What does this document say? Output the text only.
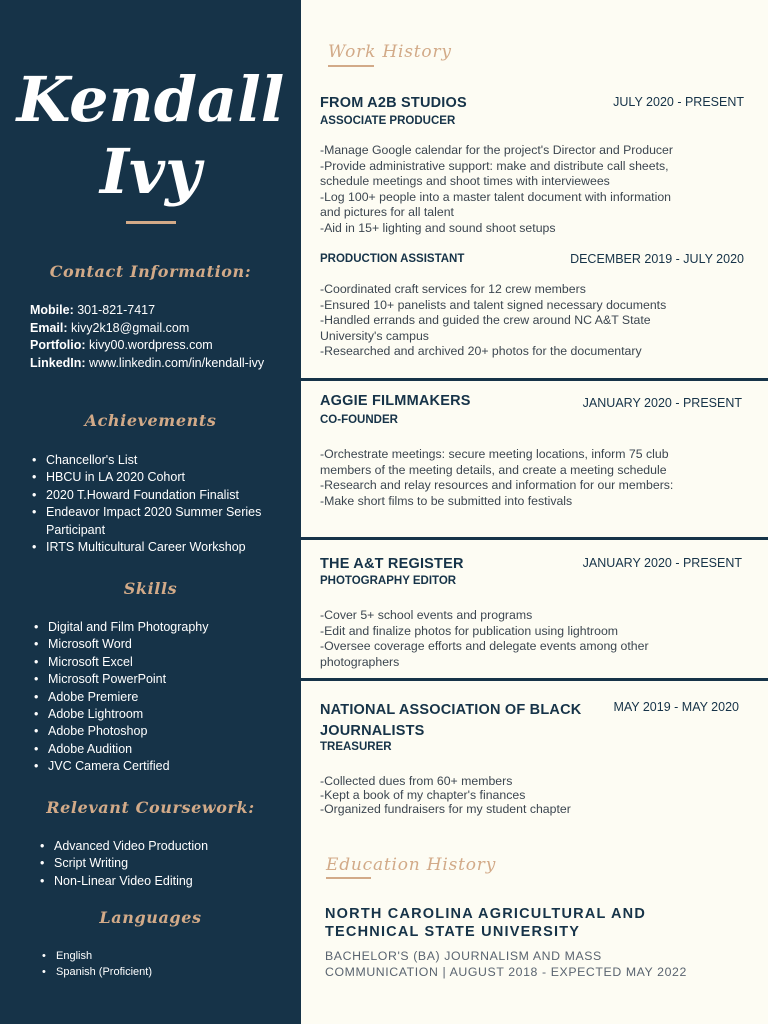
Kendall
Ivy
Contact Information:
Mobile: 301-821-7417
Email: kivy2k18@gmail.com
Portfolio: kivy00.wordpress.com
LinkedIn: www.linkedin.com/in/kendall-ivy
Achievements
• Chancellor's List
• HBCU in LA 2020 Cohort
• 2020 T.Howard Foundation Finalist
• Endeavor Impact 2020 Summer Series Participant
• IRTS Multicultural Career Workshop
Skills
• Digital and Film Photography
• Microsoft Word
• Microsoft Excel
• Microsoft PowerPoint
• Adobe Premiere
• Adobe Lightroom
• Adobe Photoshop
• Adobe Audition
• JVC Camera Certified
Relevant Coursework:
• Advanced Video Production
• Script Writing
• Non-Linear Video Editing
Languages
• English
• Spanish (Proficient)
Work History
FROM A2B STUDIOS	JULY 2020 - PRESENT
ASSOCIATE PRODUCER
-Manage Google calendar for the project's Director and Producer
-Provide administrative support: make and distribute call sheets,
schedule meetings and shoot times with interviewees
-Log 100+ people into a master talent document with information
and pictures for all talent
-Aid in 15+ lighting and sound shoot setups
PRODUCTION ASSISTANT	DECEMBER 2019 - JULY 2020
-Coordinated craft services for 12 crew members
-Ensured 10+ panelists and talent signed necessary documents
-Handled errands and guided the crew around NC A&T State
University's campus
-Researched and archived 20+ photos for the documentary
AGGIE FILMMAKERS	JANUARY 2020 - PRESENT
CO-FOUNDER
-Orchestrate meetings: secure meeting locations, inform 75 club
members of the meeting details, and create a meeting schedule
-Research and relay resources and information for our members:
-Make short films to be submitted into festivals
THE A&T REGISTER	JANUARY 2020 - PRESENT
PHOTOGRAPHY EDITOR
-Cover 5+ school events and programs
-Edit and finalize photos for publication using lightroom
-Oversee coverage efforts and delegate events among other
photographers
NATIONAL ASSOCIATION OF BLACK
JOURNALISTS
MAY 2019 - MAY 2020
TREASURER
-Collected dues from 60+ members
-Kept a book of my chapter's finances
-Organized fundraisers for my student chapter
Education History
NORTH CAROLINA AGRICULTURAL AND
TECHNICAL STATE UNIVERSITY
BACHELOR'S (BA) JOURNALISM AND MASS
COMMUNICATION | AUGUST 2018 - EXPECTED MAY 2022
